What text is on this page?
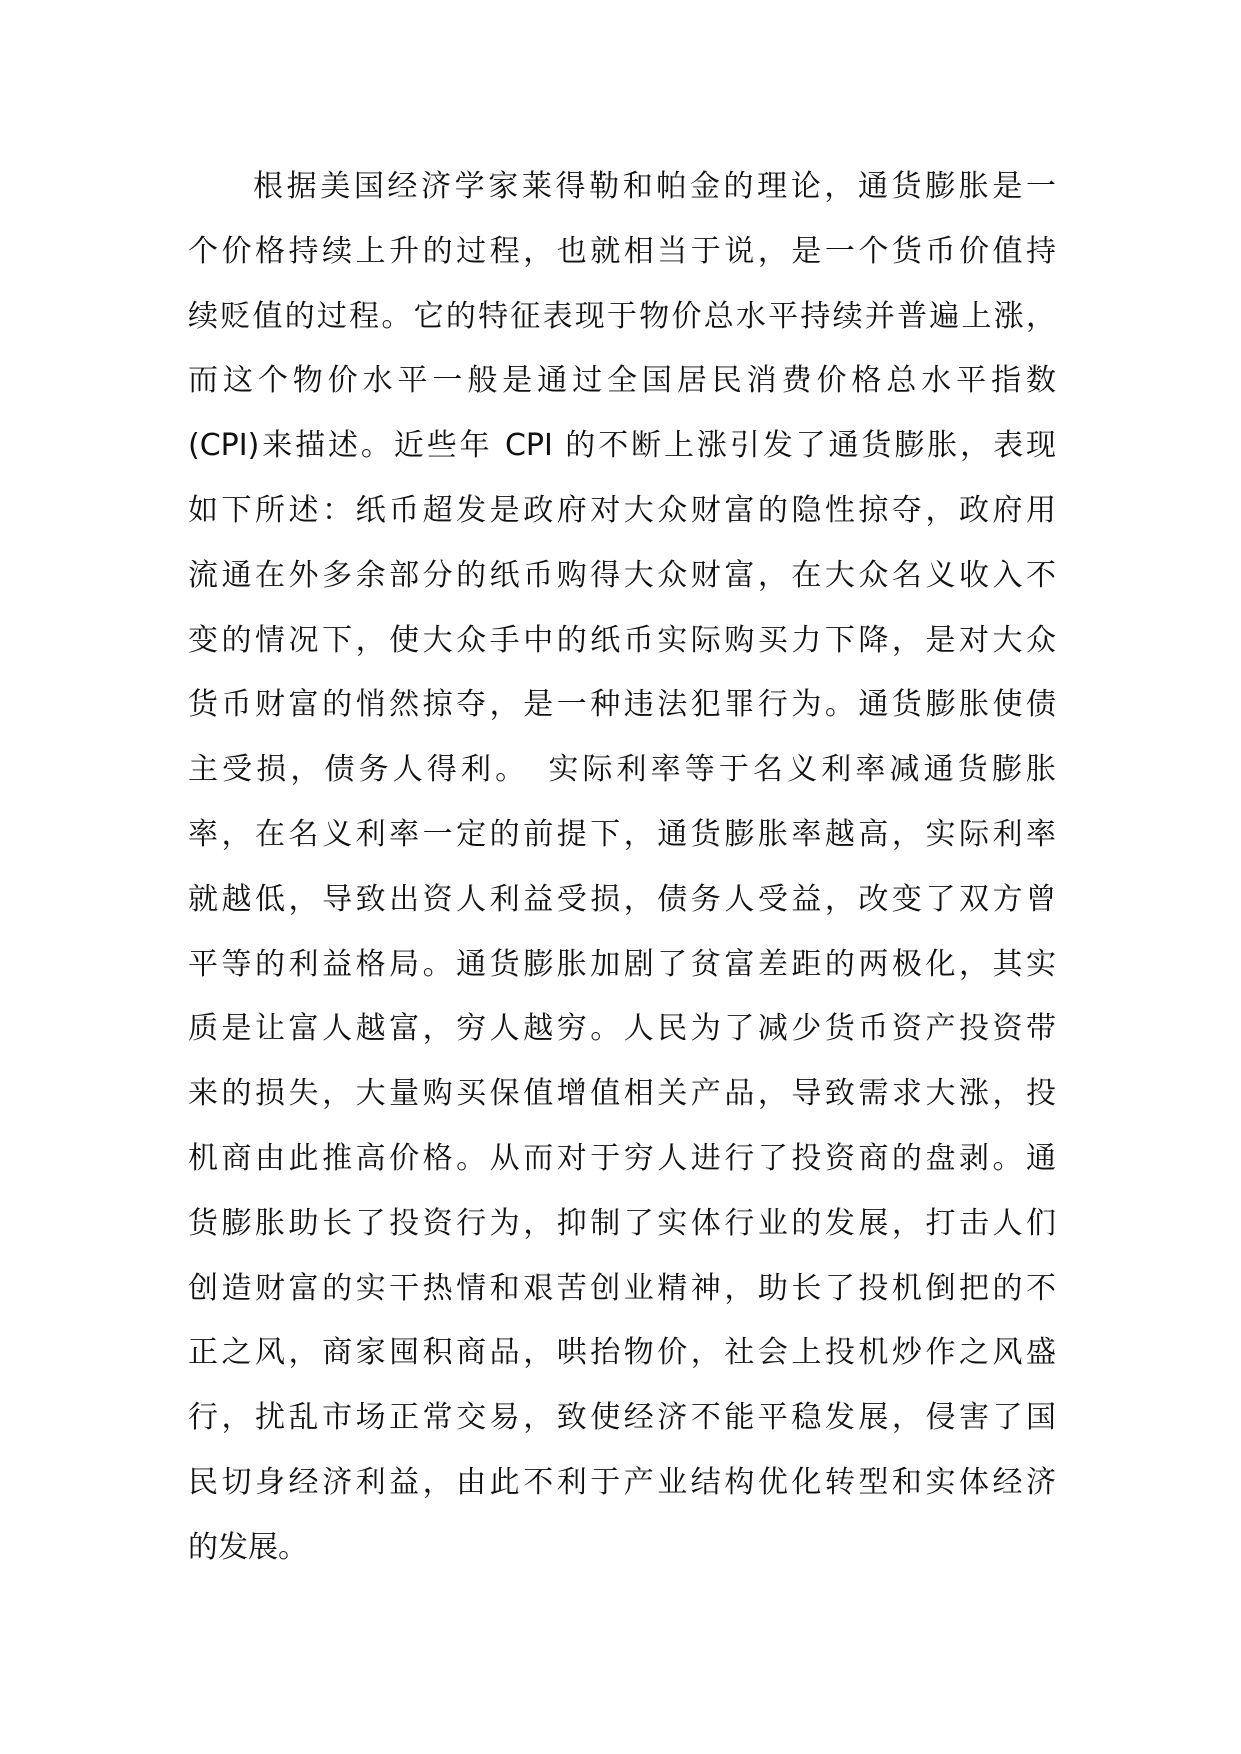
根据美国经济学家莱得勒和帕金的理论，通货膨胀是一
个价格持续上升的过程，也就相当于说，是一个货币价值持
续贬值的过程。它的特征表现于物价总水平持续并普遍上涨，
而这个物价水平一般是通过全国居民消费价格总水平指数
(CPI)来描述。近些年 CPI 的不断上涨引发了通货膨胀，表现
如下所述：纸币超发是政府对大众财富的隐性掠夺，政府用
流通在外多余部分的纸币购得大众财富，在大众名义收入不
变的情况下，使大众手中的纸币实际购买力下降，是对大众
货币财富的悄然掠夺，是一种违法犯罪行为。通货膨胀使债
主受损，债务人得利。　实际利率等于名义利率减通货膨胀
率，在名义利率一定的前提下，通货膨胀率越高，实际利率
就越低，导致出资人利益受损，债务人受益，改变了双方曾
平等的利益格局。通货膨胀加剧了贫富差距的两极化，其实
质是让富人越富，穷人越穷。人民为了减少货币资产投资带
来的损失，大量购买保值增值相关产品，导致需求大涨，投
机商由此推高价格。从而对于穷人进行了投资商的盘剥。通
货膨胀助长了投资行为，抑制了实体行业的发展，打击人们
创造财富的实干热情和艰苦创业精神，助长了投机倒把的不
正之风，商家囤积商品，哄抬物价，社会上投机炒作之风盛
行，扰乱市场正常交易，致使经济不能平稳发展，侵害了国
民切身经济利益，由此不利于产业结构优化转型和实体经济
的发展。
